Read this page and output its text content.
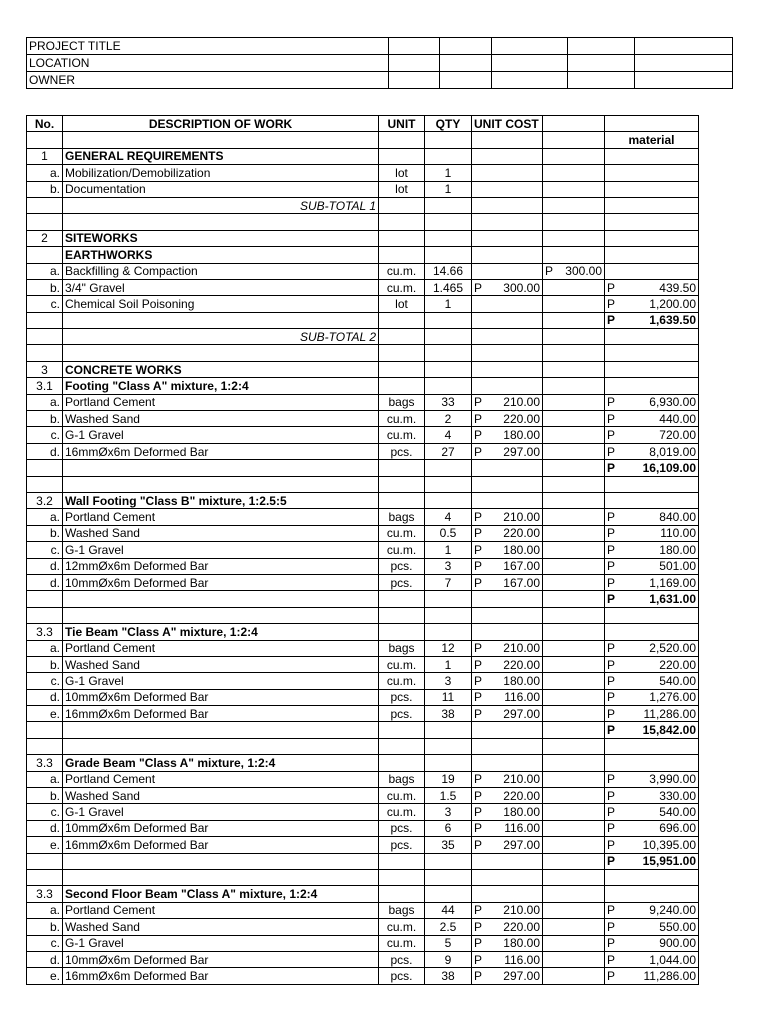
PROJECT TITLE					
LOCATION					
OWNER					
No.	DESCRIPTION OF WORK	UNIT	QTY	UNIT COST		
						material
1	GENERAL REQUIREMENTS					
a.	Mobilization/Demobilization	lot	1			
b.	Documentation	lot	1			
	SUB-TOTAL 1					

2	SITEWORKS					
	EARTHWORKS					
a.	Backfilling & Compaction	cu.m.	14.66		P 300.00	

b.	3/4" Gravel	cu.m.	1.465	P 300.00		P 439.50

c.	Chemical Soil Poisoning	lot	1			P 1,200.00

						P 1,639.50

	SUB-TOTAL 2					

3	CONCRETE WORKS					
3.1	Footing "Class A" mixture, 1:2:4					
a.	Portland Cement	bags	33	P 210.00		P 6,930.00

b.	Washed Sand	cu.m.	2	P 220.00		P 440.00

c.	G-1 Gravel	cu.m.	4	P 180.00		P 720.00

d.	16mmØx6m Deformed Bar	pcs.	27	P 297.00		P 8,019.00

						P 16,109.00

3.2	Wall Footing "Class B" mixture, 1:2.5:5					
a.	Portland Cement	bags	4	P 210.00		P 840.00

b.	Washed Sand	cu.m.	0.5	P 220.00		P 110.00

c.	G-1 Gravel	cu.m.	1	P 180.00		P 180.00

d.	12mmØx6m Deformed Bar	pcs.	3	P 167.00		P 501.00

d.	10mmØx6m Deformed Bar	pcs.	7	P 167.00		P 1,169.00

						P 1,631.00

3.3	Tie Beam "Class A" mixture, 1:2:4					
a.	Portland Cement	bags	12	P 210.00		P 2,520.00

b.	Washed Sand	cu.m.	1	P 220.00		P 220.00

c.	G-1 Gravel	cu.m.	3	P 180.00		P 540.00

d.	10mmØx6m Deformed Bar	pcs.	11	P 116.00		P 1,276.00

e.	16mmØx6m Deformed Bar	pcs.	38	P 297.00		P 11,286.00

						P 15,842.00

3.3	Grade Beam "Class A" mixture, 1:2:4					
a.	Portland Cement	bags	19	P 210.00		P 3,990.00

b.	Washed Sand	cu.m.	1.5	P 220.00		P 330.00

c.	G-1 Gravel	cu.m.	3	P 180.00		P 540.00

d.	10mmØx6m Deformed Bar	pcs.	6	P 116.00		P 696.00

e.	16mmØx6m Deformed Bar	pcs.	35	P 297.00		P 10,395.00

						P 15,951.00

3.3	Second Floor Beam "Class A" mixture, 1:2:4					
a.	Portland Cement	bags	44	P 210.00		P 9,240.00

b.	Washed Sand	cu.m.	2.5	P 220.00		P 550.00

c.	G-1 Gravel	cu.m.	5	P 180.00		P 900.00

d.	10mmØx6m Deformed Bar	pcs.	9	P 116.00		P 1,044.00

e.	16mmØx6m Deformed Bar	pcs.	38	P 297.00		P 11,286.00
